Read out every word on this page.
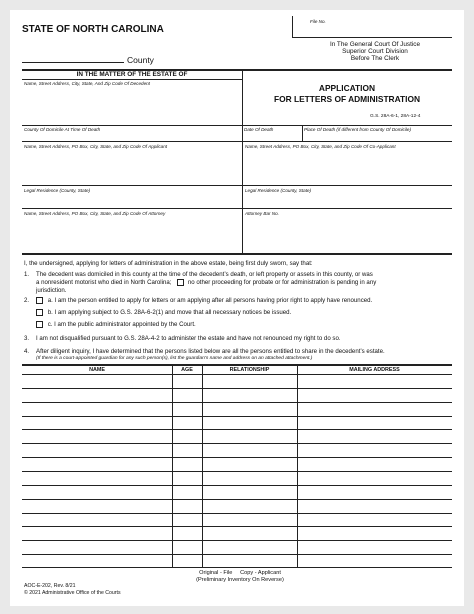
STATE OF NORTH CAROLINA
County
File No.
In The General Court Of Justice
Superior Court Division
Before The Clerk
IN THE MATTER OF THE ESTATE OF
Name, Street Address, City, State, And Zip Code Of Decedent	APPLICATION
FOR LETTERS OF ADMINISTRATION
G.S. 28A-6-1, 28A-12-4
County Of Domicile At Time Of Death	Date Of Death	Place Of Death (if different from County Of Domicile)
Name, Street Address, PO Box, City, State, and Zip Code Of Applicant	Name, Street Address, PO Box, City, State, and Zip Code Of Co-Applicant
Legal Residence (County, State)	Legal Residence (County, State)
Name, Street Address, PO Box, City, State, and Zip Code Of Attorney	Attorney Bar No.
I, the undersigned, applying for letters of administration in the above estate, being first duly sworn, say that:
1. The decedent was domiciled in this county at the time of the decedent’s death, or left property or assets in this county, or was
a nonresident motorist who died in North Carolina;	no other proceeding for probate or for administration is pending in any
jurisdiction.
2.	a. I am the person entitled to apply for letters or am applying after all persons having prior right to apply have renounced.
b. I am applying subject to G.S. 28A-6-2(1) and move that all necessary notices be issued.
c. I am the public administrator appointed by the Court.
3. I am not disqualified pursuant to G.S. 28A-4-2 to administer the estate and have not renounced my right to do so.
4. After diligent inquiry, I have determined that the persons listed below are all the persons entitled to share in the decedent’s estate.
(If there is a court-appointed guardian for any such person(s), list the guardian’s name and address on an attached attachment.)
NAME	AGE	RELATIONSHIP	MAILING ADDRESS
Original - File     Copy - Applicant
(Preliminary Inventory On Reverse)
AOC-E-202, Rev. 8/21
© 2021 Administrative Office of the Courts
